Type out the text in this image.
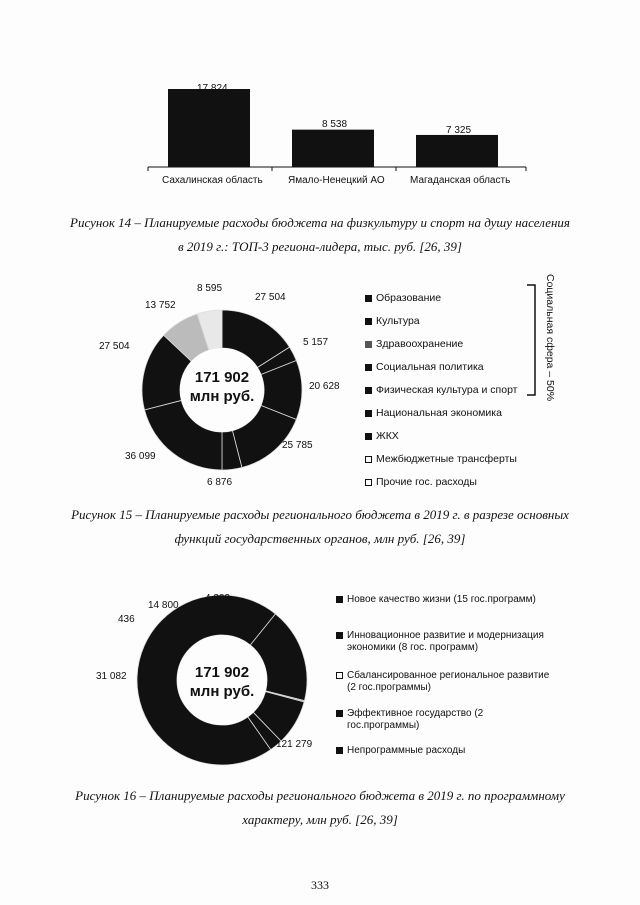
Сахалинская область	Ямало-Ненецкий АО	Магаданская область
17 824
8 538
7 325
Рисунок 14 – Планируемые расходы бюджета на физкультуру и спорт на душу населения
в 2019 г.: ТОП-3 региона-лидера, тыс. руб. [26, 39]
171 902
млн руб.
27 504
5 157
20 628
25 785
6 876
36 099
27 504
13 752
8 595
Образование
Культура
Здравоохранение
Социальная политика
Физическая культура и спорт
Национальная экономика
ЖКХ
Межбюджетные трансферты
Прочие гос. расходы
Социальная сфера – 50%
Рисунок 15 – Планируемые расходы регионального бюджета в 2019 г. в разрезе основных
функций государственных органов, млн руб. [26, 39]
171 902
млн руб.
121 279
31 082
436
14 800
4 303	Новое качество жизни (15 гос.программ)
Инновационное развитие и модернизация
экономики (8 гос. программ)
Сбалансированное региональное развитие
(2 гос.программы)
Эффективное государство (2
гос.программы)
Непрограммные расходы
Рисунок 16 – Планируемые расходы регионального бюджета в 2019 г. по программному
характеру, млн руб. [26, 39]
333
